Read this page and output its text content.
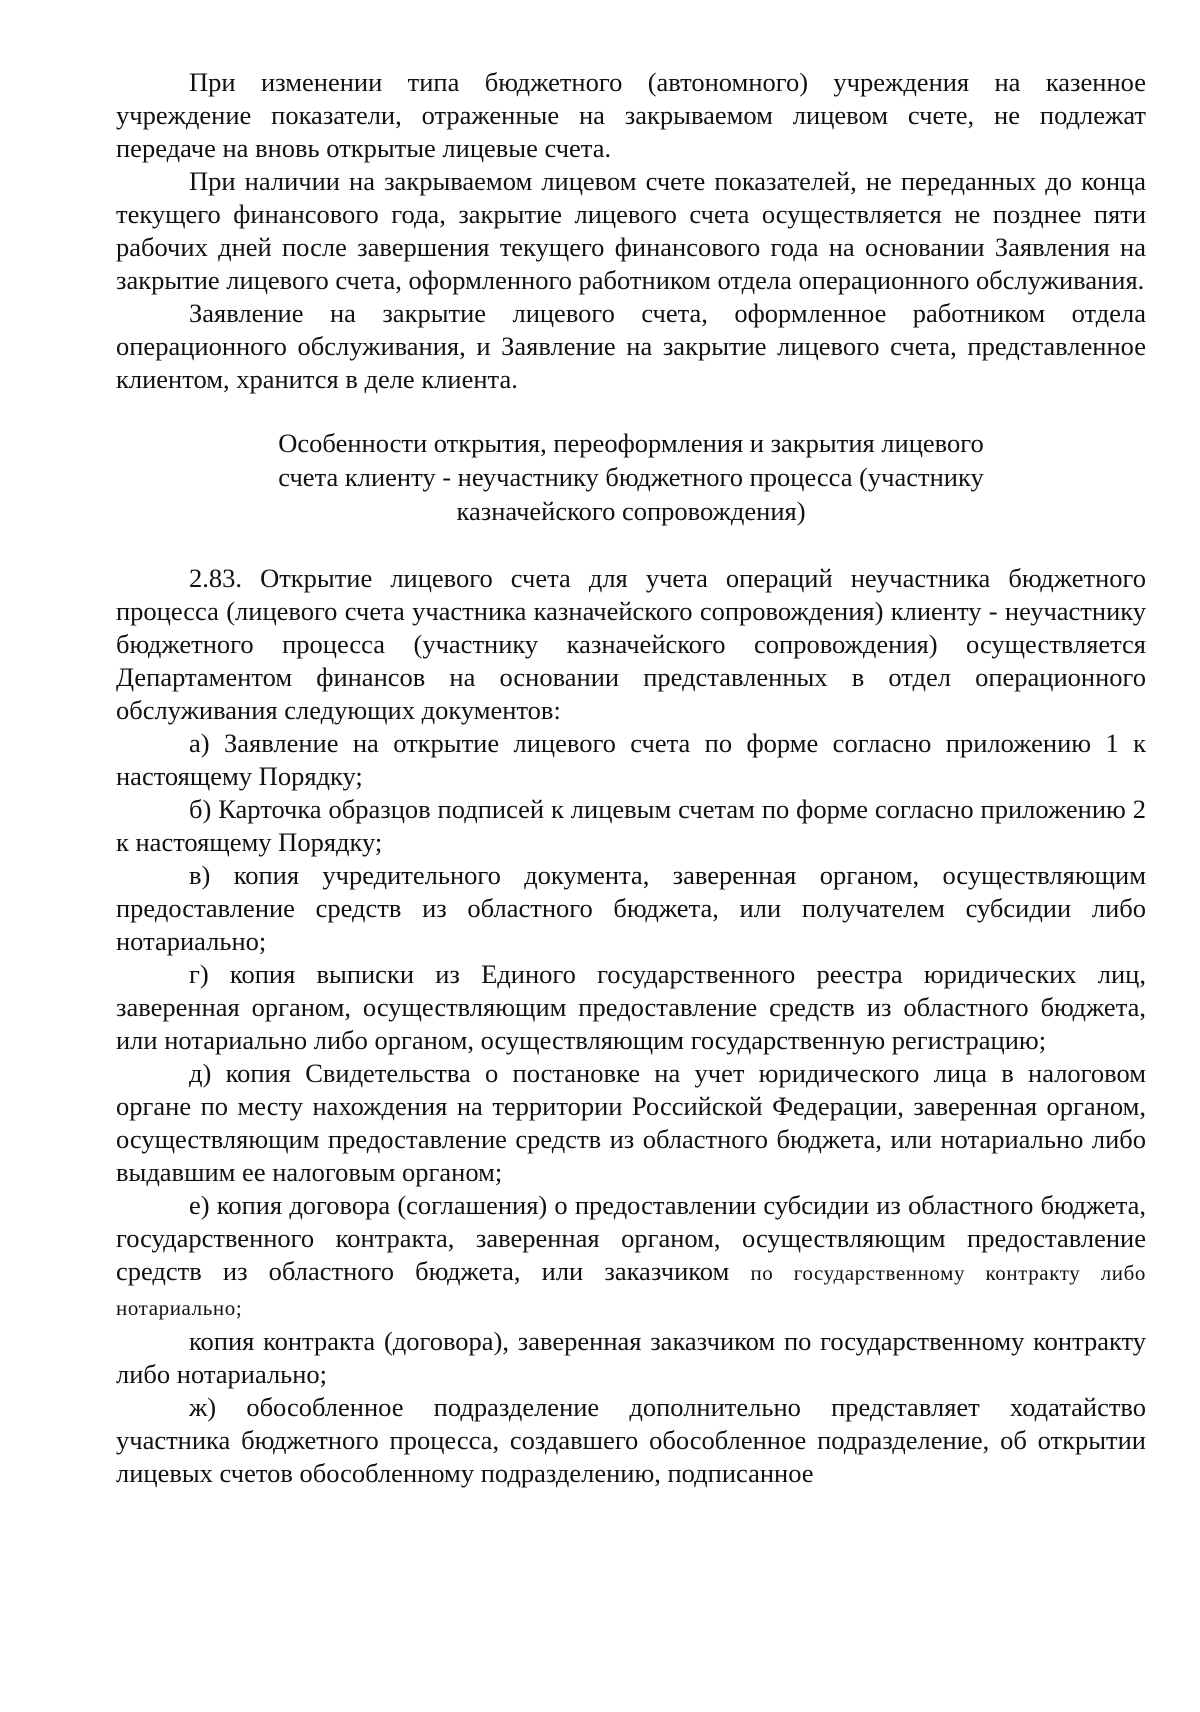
При изменении типа бюджетного (автономного) учреждения на казенное учреждение показатели, отраженные на закрываемом лицевом счете, не подлежат передаче на вновь открытые лицевые счета.

При наличии на закрываемом лицевом счете показателей, не переданных до конца текущего финансового года, закрытие лицевого счета осуществляется не позднее пяти рабочих дней после завершения текущего финансового года на основании Заявления на закрытие лицевого счета, оформленного работником отдела операционного обслуживания.

Заявление на закрытие лицевого счета, оформленное работником отдела операционного обслуживания, и Заявление на закрытие лицевого счета, представленное клиентом, хранится в деле клиента.

Особенности открытия, переоформления и закрытия лицевого
счета клиенту - неучастнику бюджетного процесса (участнику
казначейского сопровождения)

2.83. Открытие лицевого счета для учета операций неучастника бюджетного процесса (лицевого счета участника казначейского сопровождения) клиенту - неучастнику бюджетного процесса (участнику казначейского сопровождения) осуществляется Департаментом финансов на основании представленных в отдел операционного обслуживания следующих документов:

а) Заявление на открытие лицевого счета по форме согласно приложению 1 к настоящему Порядку;

б) Карточка образцов подписей к лицевым счетам по форме согласно приложению 2 к настоящему Порядку;

в) копия учредительного документа, заверенная органом, осуществляющим предоставление средств из областного бюджета, или получателем субсидии либо нотариально;

г) копия выписки из Единого государственного реестра юридических лиц, заверенная органом, осуществляющим предоставление средств из областного бюджета, или нотариально либо органом, осуществляющим государственную регистрацию;

д) копия Свидетельства о постановке на учет юридического лица в налоговом органе по месту нахождения на территории Российской Федерации, заверенная органом, осуществляющим предоставление средств из областного бюджета, или нотариально либо выдавшим ее налоговым органом;

е) копия договора (соглашения) о предоставлении субсидии из областного бюджета, государственного контракта, заверенная органом, осуществляющим предоставление средств из областного бюджета, или заказчиком по государственному контракту либо нотариально;

копия контракта (договора), заверенная заказчиком по государственному контракту либо нотариально;

ж) обособленное подразделение дополнительно представляет ходатайство участника бюджетного процесса, создавшего обособленное подразделение, об открытии лицевых счетов обособленному подразделению, подписанное
